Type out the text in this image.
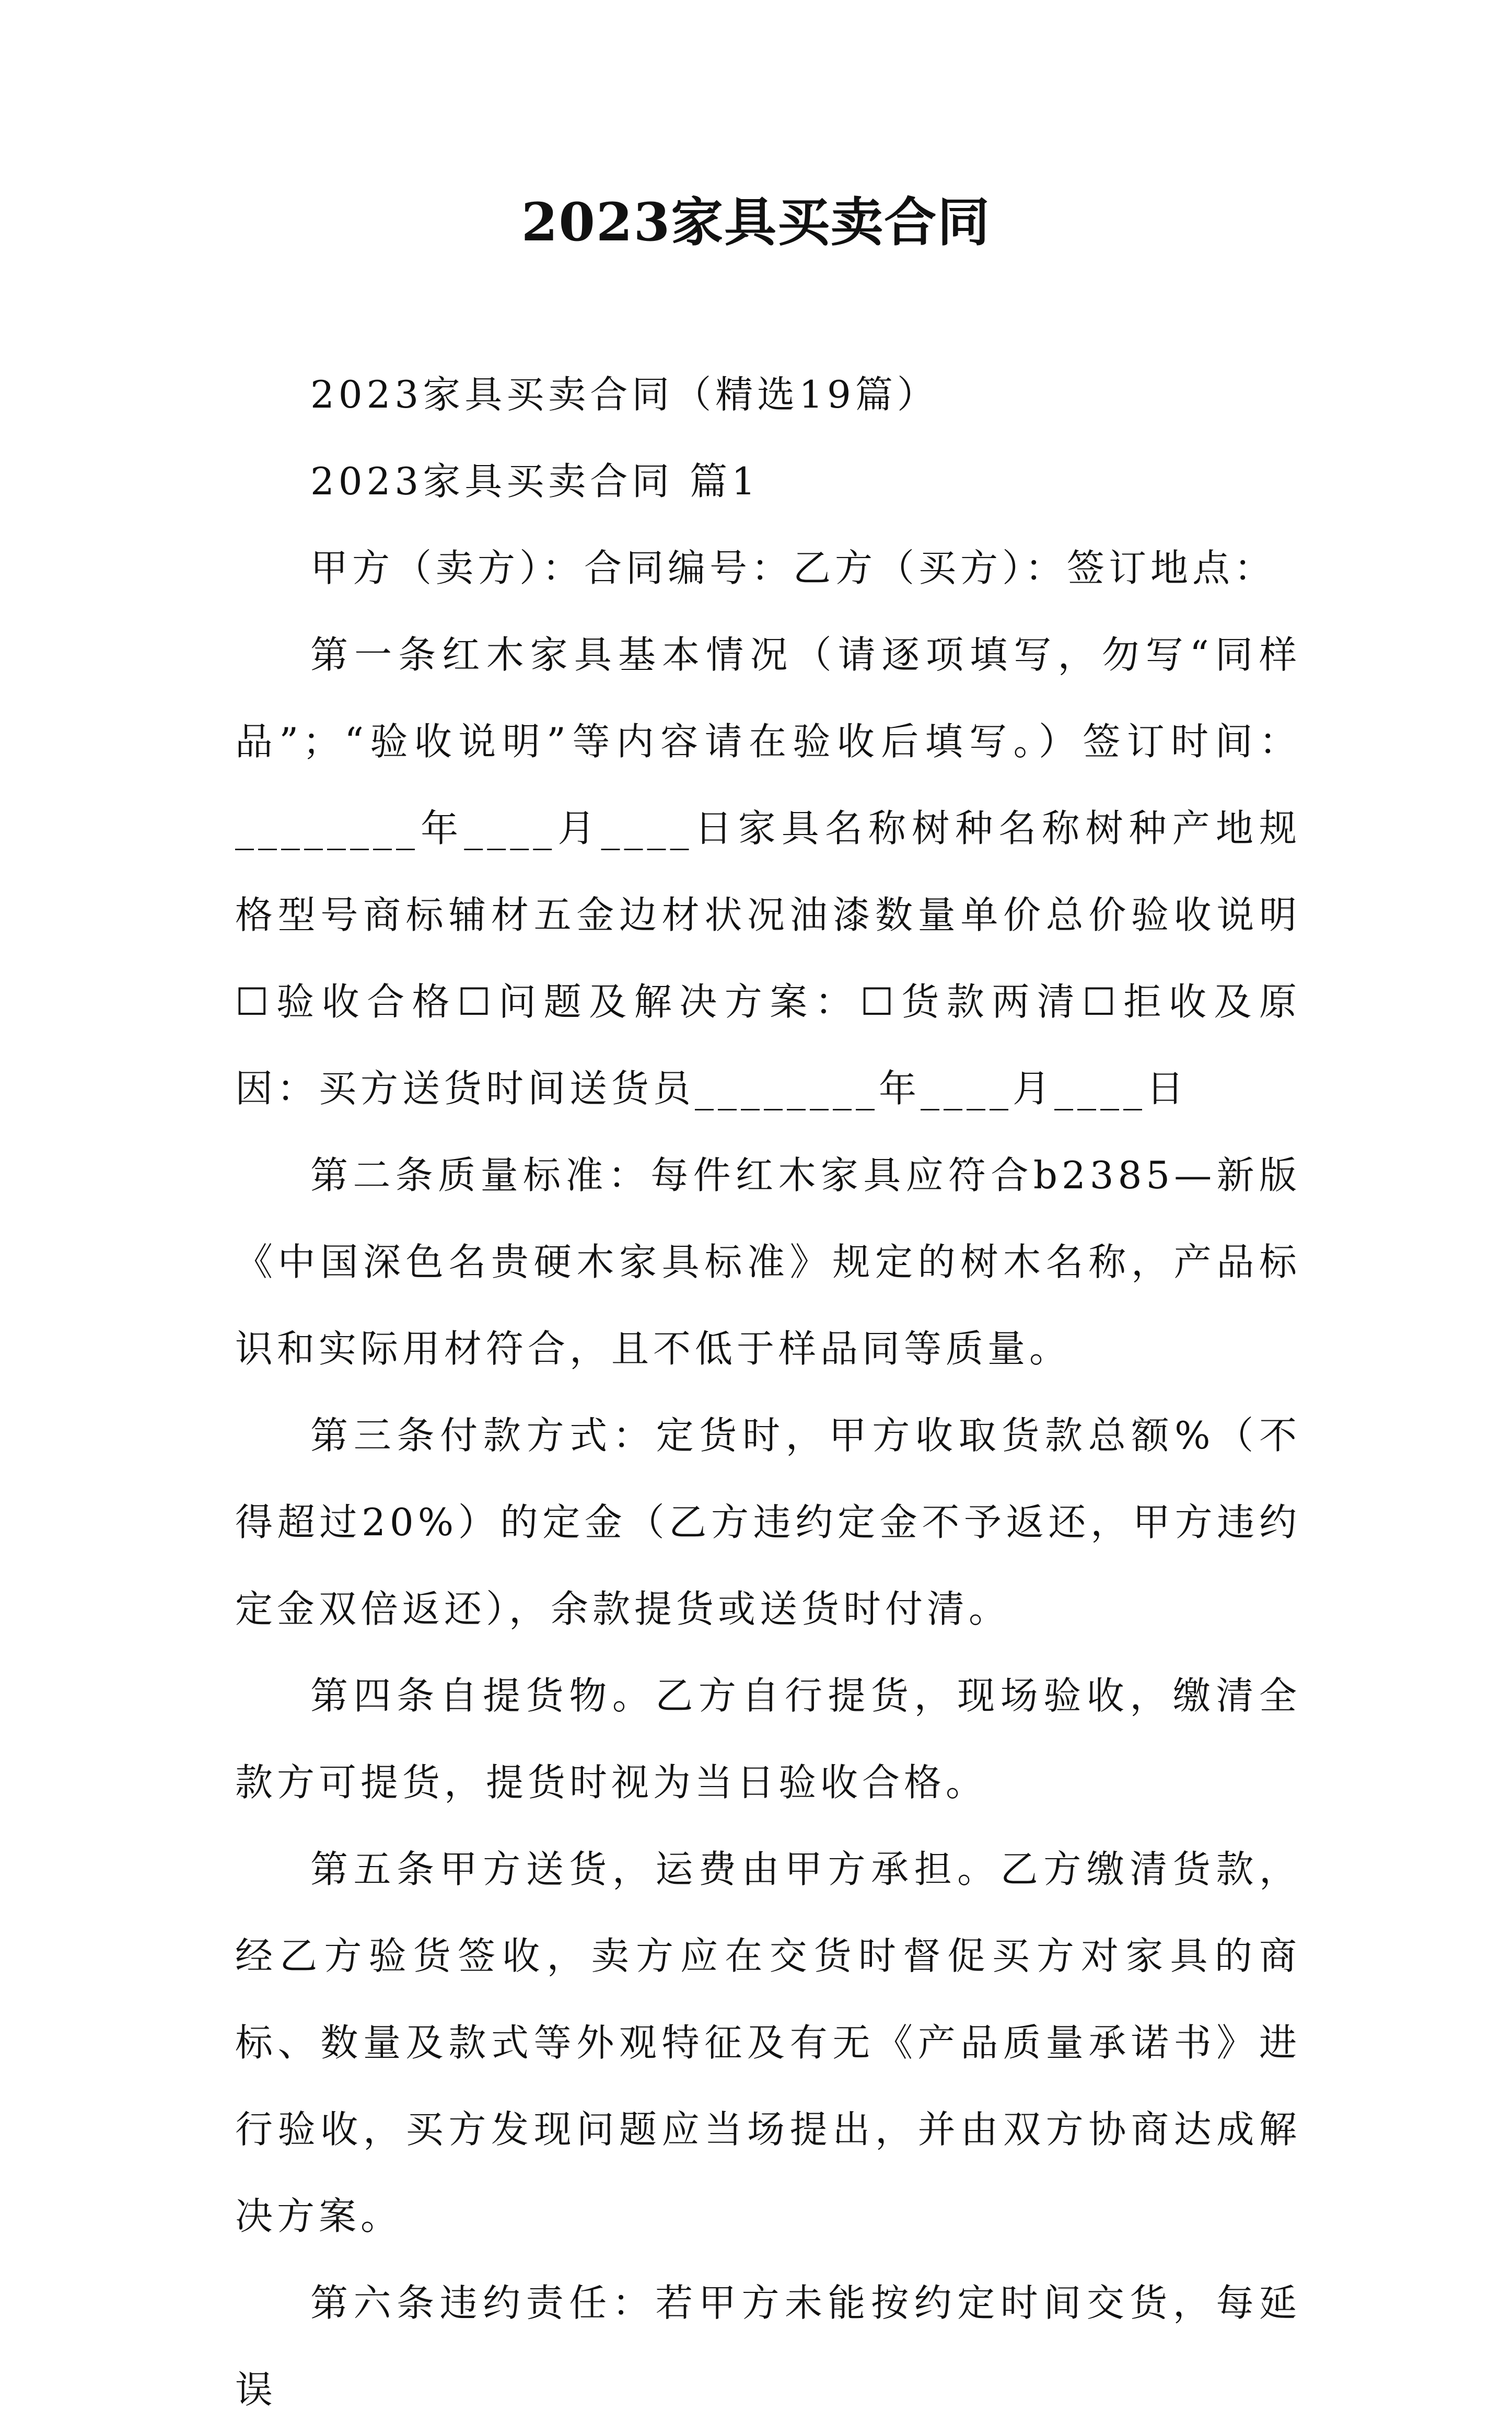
2023家具买卖合同

2023家具买卖合同（精选19篇）

2023家具买卖合同 篇1

甲方（卖方）：合同编号：乙方（买方）：签订地点：

第一条红木家具基本情况（请逐项填写，勿写“同样品”；“验收说明”等内容请在验收后填写。）签订时间：________年____月____日家具名称树种名称树种产地规格型号商标辅材五金边材状况油漆数量单价总价验收说明☐验收合格☐问题及解决方案：☐货款两清☐拒收及原因：买方送货时间送货员________年____月____日

第二条质量标准：每件红木家具应符合b2385—新版《中国深色名贵硬木家具标准》规定的树木名称，产品标识和实际用材符合，且不低于样品同等质量。

第三条付款方式：定货时，甲方收取货款总额%（不得超过20%）的定金（乙方违约定金不予返还，甲方违约定金双倍返还），余款提货或送货时付清。

第四条自提货物。乙方自行提货，现场验收，缴清全款方可提货，提货时视为当日验收合格。

第五条甲方送货，运费由甲方承担。乙方缴清货款，经乙方验货签收，卖方应在交货时督促买方对家具的商标、数量及款式等外观特征及有无《产品质量承诺书》进行验收，买方发现问题应当场提出，并由双方协商达成解决方案。

第六条违约责任：若甲方未能按约定时间交货，每延误
